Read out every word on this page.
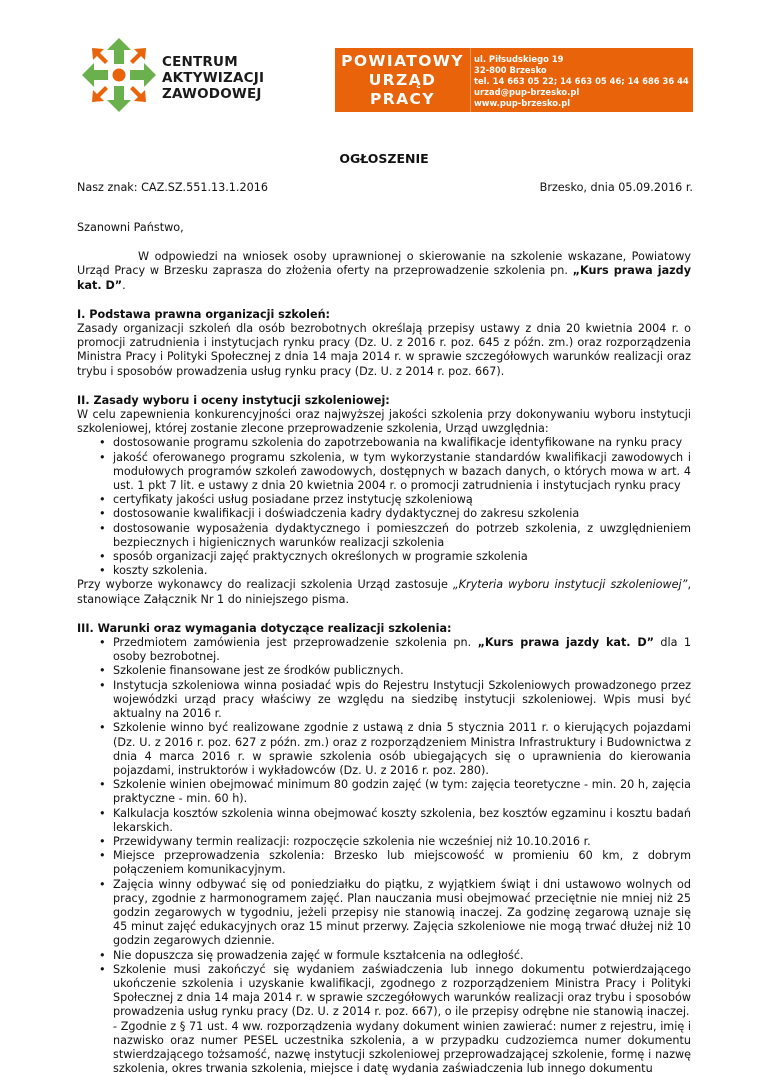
CENTRUM
AKTYWIZACJI
ZAWODOWEJ
POWIATOWY
URZĄD PRACY
W BRZESKU
ul. Piłsudskiego 19
32-800 Brzesko
tel. 14 663 05 22; 14 663 05 46; 14 686 36 44
urzad@pup-brzesko.pl
www.pup-brzesko.pl
OGŁOSZENIE
Nasz znak: CAZ.SZ.551.13.1.2016	Brzesko, dnia 05.09.2016 r.

Szanowni Państwo,

W odpowiedzi na wniosek osoby uprawnionej o skierowanie na szkolenie wskazane, Powiatowy Urząd Pracy w Brzesku zaprasza do złożenia oferty na przeprowadzenie szkolenia pn. „Kurs prawa jazdy kat. D”.

I. Podstawa prawna organizacji szkoleń:

Zasady organizacji szkoleń dla osób bezrobotnych określają przepisy ustawy z dnia 20 kwietnia 2004 r. o promocji zatrudnienia i instytucjach rynku pracy (Dz. U. z 2016 r. poz. 645 z późn. zm.) oraz rozporządzenia Ministra Pracy i Polityki Społecznej z dnia 14 maja 2014 r. w sprawie szczegółowych warunków realizacji oraz trybu i sposobów prowadzenia usług rynku pracy (Dz. U. z 2014 r. poz. 667).

II. Zasady wyboru i oceny instytucji szkoleniowej:

W celu zapewnienia konkurencyjności oraz najwyższej jakości szkolenia przy dokonywaniu wyboru instytucji szkoleniowej, której zostanie zlecone przeprowadzenie szkolenia, Urząd uwzględnia:

• dostosowanie programu szkolenia do zapotrzebowania na kwalifikacje identyfikowane na rynku pracy
• jakość oferowanego programu szkolenia, w tym wykorzystanie standardów kwalifikacji zawodowych i modułowych programów szkoleń zawodowych, dostępnych w bazach danych, o których mowa w art. 4 ust. 1 pkt 7 lit. e ustawy z dnia 20 kwietnia 2004 r. o promocji zatrudnienia i instytucjach rynku pracy
• certyfikaty jakości usług posiadane przez instytucję szkoleniową
• dostosowanie kwalifikacji i doświadczenia kadry dydaktycznej do zakresu szkolenia
• dostosowanie wyposażenia dydaktycznego i pomieszczeń do potrzeb szkolenia, z uwzględnieniem bezpiecznych i higienicznych warunków realizacji szkolenia
• sposób organizacji zajęć praktycznych określonych w programie szkolenia
• koszty szkolenia.

Przy wyborze wykonawcy do realizacji szkolenia Urząd zastosuje „Kryteria wyboru instytucji szkoleniowej”, stanowiące Załącznik Nr 1 do niniejszego pisma.

III. Warunki oraz wymagania dotyczące realizacji szkolenia:

• Przedmiotem zamówienia jest przeprowadzenie szkolenia pn. „Kurs prawa jazdy kat. D” dla 1 osoby bezrobotnej.
• Szkolenie finansowane jest ze środków publicznych.
• Instytucja szkoleniowa winna posiadać wpis do Rejestru Instytucji Szkoleniowych prowadzonego przez wojewódzki urząd pracy właściwy ze względu na siedzibę instytucji szkoleniowej. Wpis musi być aktualny na 2016 r.
• Szkolenie winno być realizowane zgodnie z ustawą z dnia 5 stycznia 2011 r. o kierujących pojazdami (Dz. U. z 2016 r. poz. 627 z późn. zm.) oraz z rozporządzeniem Ministra Infrastruktury i Budownictwa z dnia 4 marca 2016 r. w sprawie szkolenia osób ubiegających się o uprawnienia do kierowania pojazdami, instruktorów i wykładowców (Dz. U. z 2016 r. poz. 280).
• Szkolenie winien obejmować minimum 80 godzin zajęć (w tym: zajęcia teoretyczne - min. 20 h, zajęcia praktyczne - min. 60 h).
• Kalkulacja kosztów szkolenia winna obejmować koszty szkolenia, bez kosztów egzaminu i kosztu badań lekarskich.
• Przewidywany termin realizacji: rozpoczęcie szkolenia nie wcześniej niż 10.10.2016 r.
• Miejsce przeprowadzenia szkolenia: Brzesko lub miejscowość w promieniu 60 km, z dobrym połączeniem komunikacyjnym.
• Zajęcia winny odbywać się od poniedziałku do piątku, z wyjątkiem świąt i dni ustawowo wolnych od pracy, zgodnie z harmonogramem zajęć. Plan nauczania musi obejmować przeciętnie nie mniej niż 25 godzin zegarowych w tygodniu, jeżeli przepisy nie stanowią inaczej. Za godzinę zegarową uznaje się 45 minut zajęć edukacyjnych oraz 15 minut przerwy. Zajęcia szkoleniowe nie mogą trwać dłużej niż 10 godzin zegarowych dziennie.
• Nie dopuszcza się prowadzenia zajęć w formule kształcenia na odległość.
• Szkolenie musi zakończyć się wydaniem zaświadczenia lub innego dokumentu potwierdzającego ukończenie szkolenia i uzyskanie kwalifikacji, zgodnego z rozporządzeniem Ministra Pracy i Polityki Społecznej z dnia 14 maja 2014 r. w sprawie szczegółowych warunków realizacji oraz trybu i sposobów prowadzenia usług rynku pracy (Dz. U. z 2014 r. poz. 667), o ile przepisy odrębne nie stanowią inaczej.
- Zgodnie z § 71 ust. 4 ww. rozporządzenia wydany dokument winien zawierać: numer z rejestru, imię i nazwisko oraz numer PESEL uczestnika szkolenia, a w przypadku cudzoziemca numer dokumentu stwierdzającego tożsamość, nazwę instytucji szkoleniowej przeprowadzającej szkolenie, formę i nazwę szkolenia, okres trwania szkolenia, miejsce i datę wydania zaświadczenia lub innego dokumentu
